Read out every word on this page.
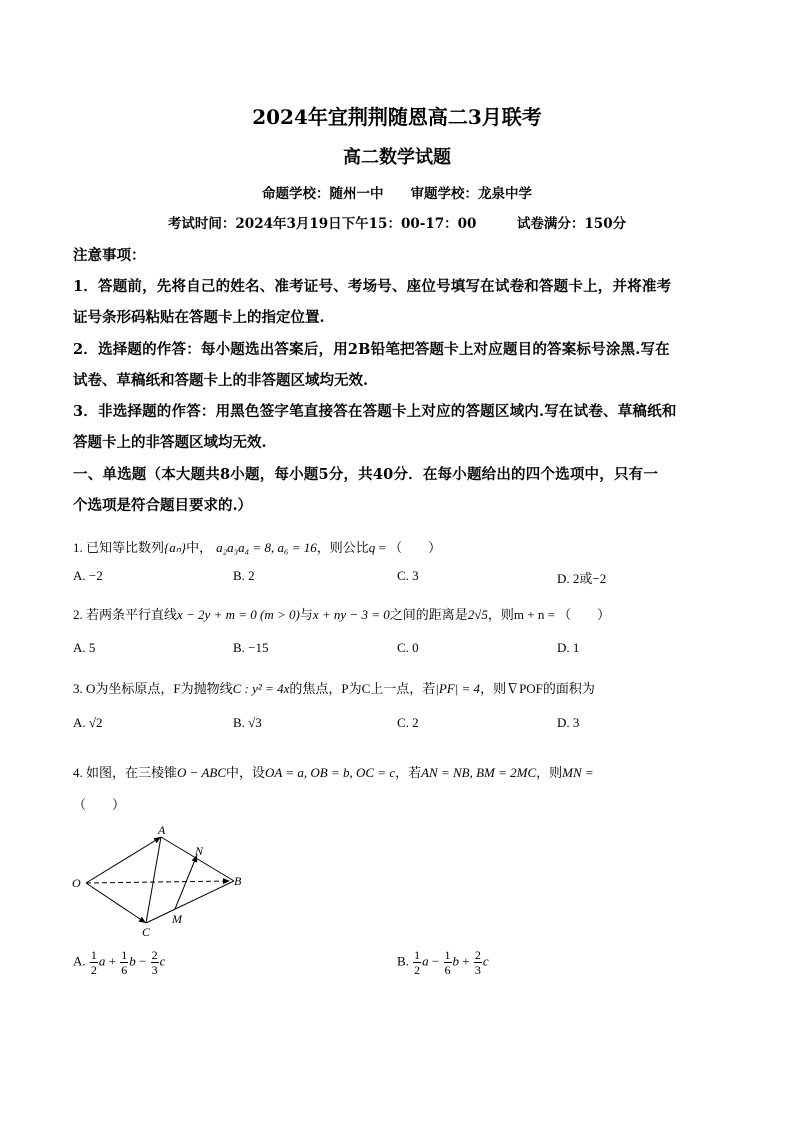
2024年宜荆荆随恩高二3月联考
高二数学试题
命题学校：随州一中　　审题学校：龙泉中学
考试时间：2024年3月19日下午15：00-17：00　　　试卷满分：150分
注意事项：
1．答题前，先将自己的姓名、准考证号、考场号、座位号填写在试卷和答题卡上，并将准考
证号条形码粘贴在答题卡上的指定位置.
2．选择题的作答：每小题选出答案后，用2B铅笔把答题卡上对应题目的答案标号涂黑.写在
试卷、草稿纸和答题卡上的非答题区域均无效.
3．非选择题的作答：用黑色签字笔直接答在答题卡上对应的答题区域内.写在试卷、草稿纸和
答题卡上的非答题区域均无效.
一、单选题（本大题共8小题，每小题5分，共40分．在每小题给出的四个选项中，只有一
个选项是符合题目要求的.）
1. 已知等比数列{aₙ}中， a₂a₃a₄ = 8, a₆ = 16，则公比q = （　　）
A. −2	B. 2	C. 3	D. 2或−2
2. 若两条平行直线x − 2y + m = 0 (m > 0)与x + ny − 3 = 0之间的距离是2√5，则m + n = （　　）
A. 5	B. −15	C. 0	D. 1
3. O为坐标原点，F为抛物线C : y² = 4x的焦点，P为C上一点，若|PF| = 4，则∇POF的面积为
A. √2	B. √3	C. 2	D. 3
4. 如图，在三棱锥O − ABC中，设OA = a, OB = b, OC = c，若AN = NB, BM = 2MC，则MN =
（　　）
O
A
B
C
N
M
A. $\frac{1}{2}$ $a + \frac{1}{6}$ $b - \frac{2}{3}$ c	B. $\frac{1}{2}$ $a - \frac{1}{6}$ $b + \frac{2}{3}$ c
